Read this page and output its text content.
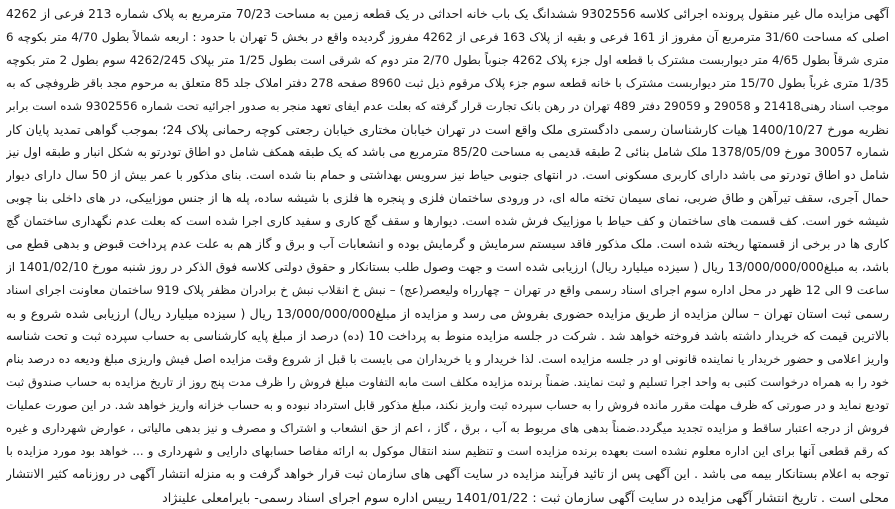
آگهی مزایده مال غیر منقول پرونده اجرائی کلاسه 9302556 ششدانگ یک باب خانه احداثی در یک قطعه زمین به مساحت 70/23 مترمربع به پلاک شماره 213 فرعی از 4262
اصلی که مساحت 31/60 مترمربع آن مفروز از 161 فرعی و بقیه از پلاک 163 فرعی از 4262 مفروز گردیده واقع در بخش 5 تهران با حدود : اربعه شمالاً بطول 4/70 متر بکوچه 6
متری شرقاً بطول 4/65 متر دیواربست مشترک با قطعه اول جزء پلاک 4262 جنوباً بطول 2/70 متر دوم که شرقی است بطول 1/25 متر بپلاک 4262/245 سوم بطول 2 متر بکوچه
1/35 متری غرباً بطول 15/70 متر دیواربست مشترک با خانه قطعه سوم جزء پلاک مرقوم ذیل ثبت 8960 صفحه 278 دفتر املاک جلد 85 متعلق به مرحوم مجد باقر ظروفچی که به
موجب اسناد رهنی21418 و 29058 و 29059 دفتر 489 تهران در رهن بانک تجارت قرار گرفته که بعلت عدم ایفای تعهد منجر به صدور اجرائیه تحت شماره 9302556 شده است برابر
نظریه مورخ 1400/10/27 هیات کارشناسان رسمی دادگستری ملک واقع است در تهران خیابان مختاری خیابان رجعتی کوچه رحمانی پلاک 24؛ بموجب گواهی تمدید پایان کار
شماره 30057 مورخ 1378/05/09 ملک شامل بنائی 2 طبقه قدیمی به مساحت 85/20 مترمربع می باشد که یک طبقه همکف شامل دو اطاق تودرتو به شکل انبار و طبقه اول نیز
شامل دو اطاق تودرتو می باشد دارای کاربری مسکونی است. در انتهای جنوبی حیاط نیز سرویس بهداشتی و حمام بنا شده است. بنای مذکور با عمر بیش از 50 سال دارای دیوار
حمال آجری، سقف تیرآهن و طاق ضربی، نمای سیمان تخته ماله ای، در ورودی ساختمان فلزی و پنجره ها فلزی با شیشه ساده، پله ها از جنس موزاییکی، در های داخلی بنا چوبی
شیشه خور است. کف قسمت های ساختمان و کف حیاط با موزاییک فرش شده است. دیوارها و سقف گچ کاری و سفید کاری اجرا شده است که بعلت عدم نگهداری ساختمان گچ
کاری ها در برخی از قسمتها ریخته شده است. ملک مذکور فاقد سیستم سرمایش و گرمایش بوده و انشعابات آب و برق و گاز هم به علت عدم پرداخت قبوض و بدهی قطع می
باشد، به مبلغ13/000/000/000 ریال ( سیزده میلیارد ریال) ارزیابی شده است و جهت وصول طلب بستانکار و حقوق دولتی کلاسه فوق الذکر در روز شنبه مورخ 1401/02/10 از
ساعت 9 الی 12 ظهر در محل اداره سوم اجرای اسناد رسمی واقع در تهران – چهارراه ولیعصر(عج) – نبش خ انقلاب نبش خ برادران مظفر پلاک 919 ساختمان معاونت اجرای اسناد
رسمی ثبت استان تهران – سالن مزایده از طریق مزایده حضوری بفروش می رسد و مزایده از مبلغ13/000/000/000 ریال ( سیزده میلیارد ریال) ارزیابی شده شروع و به
بالاترین قیمت که خریدار داشته باشد فروخته خواهد شد . شرکت در جلسه مزایده منوط به پرداخت 10 (ده) درصد از مبلغ پایه کارشناسی به حساب سپرده ثبت و تحت شناسه
واریز اعلامی و حضور خریدار یا نماینده قانونی او در جلسه مزایده است. لذا خریدار و یا خریداران می بایست با قبل از شروع وقت مزایده اصل فیش واریزی مبلغ ودیعه ده درصد بنام
خود را به همراه درخواست کتبی به واحد اجرا تسلیم و ثبت نمایند. ضمناً برنده مزایده مکلف است مابه التفاوت مبلغ فروش را ظرف مدت پنج روز از تاریخ مزایده به حساب صندوق ثبت
تودیع نماید و در صورتی که ظرف مهلت مقرر مانده فروش را به حساب سپرده ثبت واریز نکند، مبلغ مذکور قابل استرداد نبوده و به حساب خزانه واریز خواهد شد. در این صورت عملیات
فروش از درجه اعتبار ساقط و مزایده تجدید میگردد.ضمناً بدهی های مربوط به آب ، برق ، گاز ، اعم از حق انشعاب و اشتراک و مصرف و نیز بدهی مالیاتی ، عوارض شهرداری و غیره
که رقم قطعی آنها برای این اداره معلوم نشده است بعهده برنده مزایده است و تنظیم سند انتقال موکول به ارائه مفاصا حسابهای دارایی و شهرداری و ... خواهد بود مورد مزایده با
توجه به اعلام بستانکار بیمه می باشد . این آگهی پس از تائید فرآیند مزایده در سایت آگهی های سازمان ثبت قرار خواهد گرفت و به منزله انتشار آگهی در روزنامه کثیر الانتشار
محلی است . تاریخ انتشار آگهی مزایده در سایت آگهی سازمان ثبت : 1401/01/22 رییس اداره سوم اجرای اسناد رسمی- بایرامعلی علینژاد
